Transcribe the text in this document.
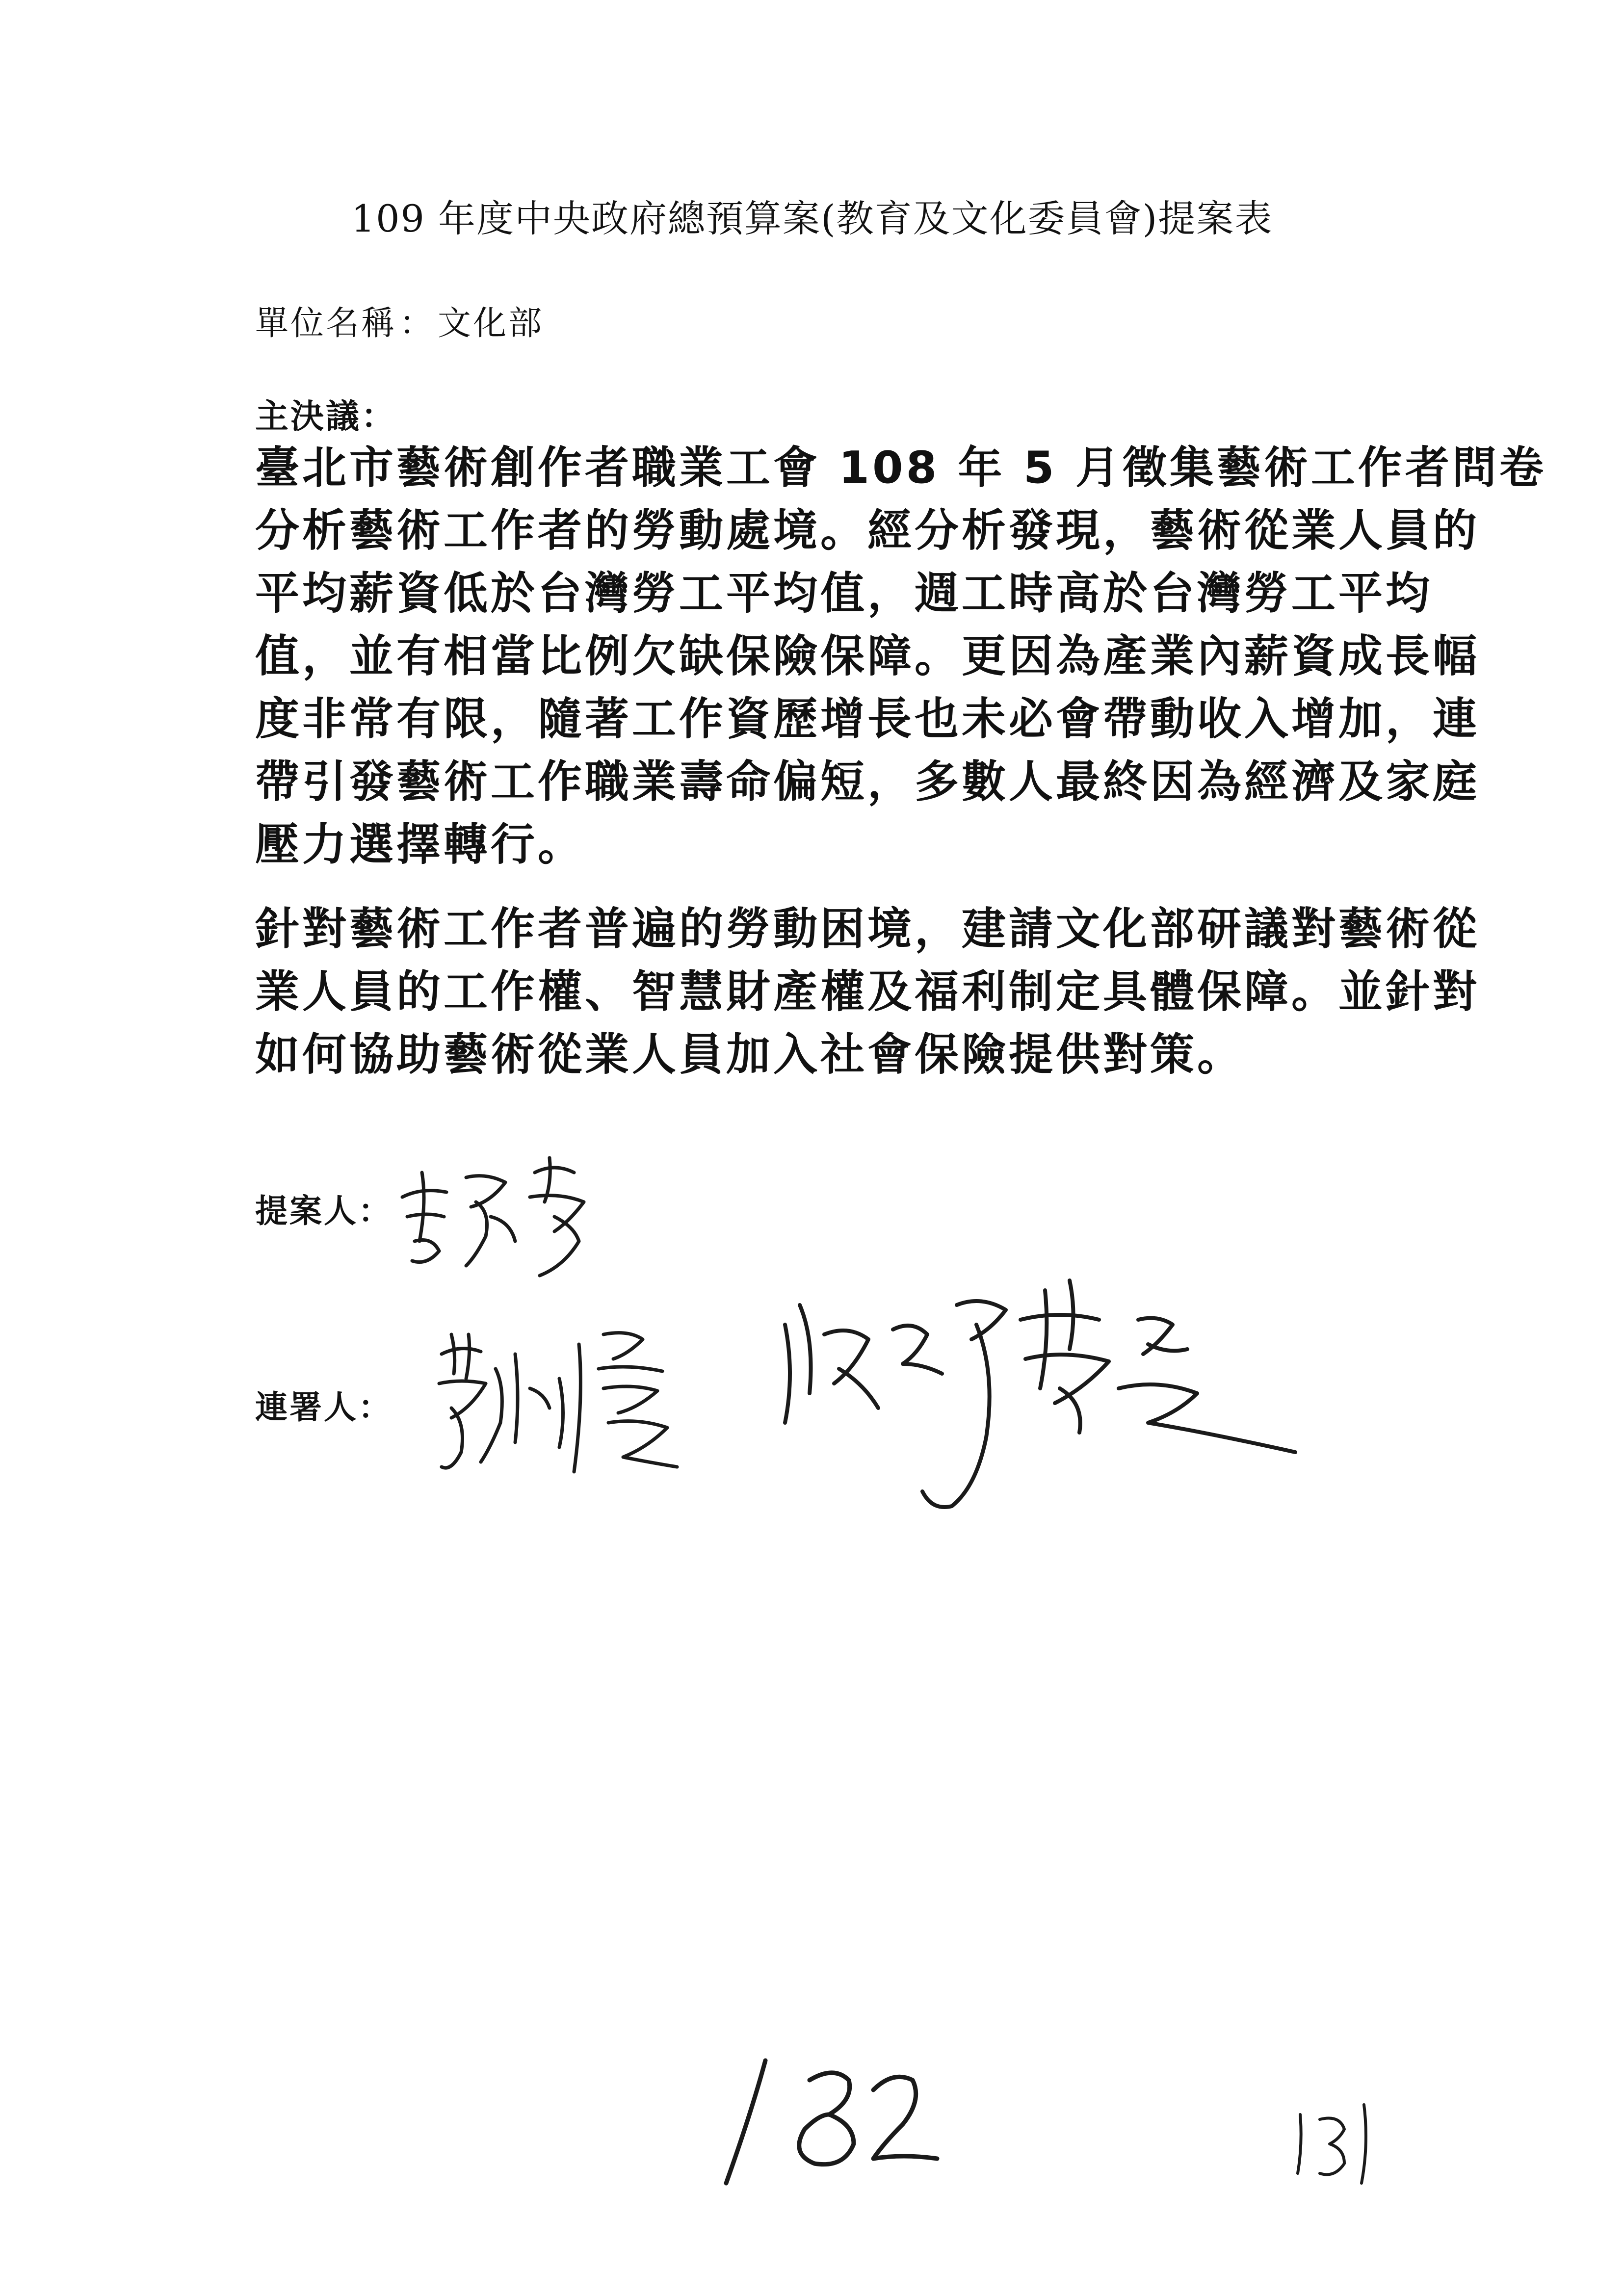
109 年度中央政府總預算案(教育及文化委員會)提案表
單位名稱：文化部
主決議：
臺北市藝術創作者職業工會 108 年 5 月徵集藝術工作者問卷
分析藝術工作者的勞動處境。經分析發現，藝術從業人員的
平均薪資低於台灣勞工平均值，週工時高於台灣勞工平均
值，並有相當比例欠缺保險保障。更因為產業內薪資成長幅
度非常有限，隨著工作資歷增長也未必會帶動收入增加，連
帶引發藝術工作職業壽命偏短，多數人最終因為經濟及家庭
壓力選擇轉行。
針對藝術工作者普遍的勞動困境，建請文化部研議對藝術從
業人員的工作權、智慧財產權及福利制定具體保障。並針對
如何協助藝術從業人員加入社會保險提供對策。
提案人：
連署人：
